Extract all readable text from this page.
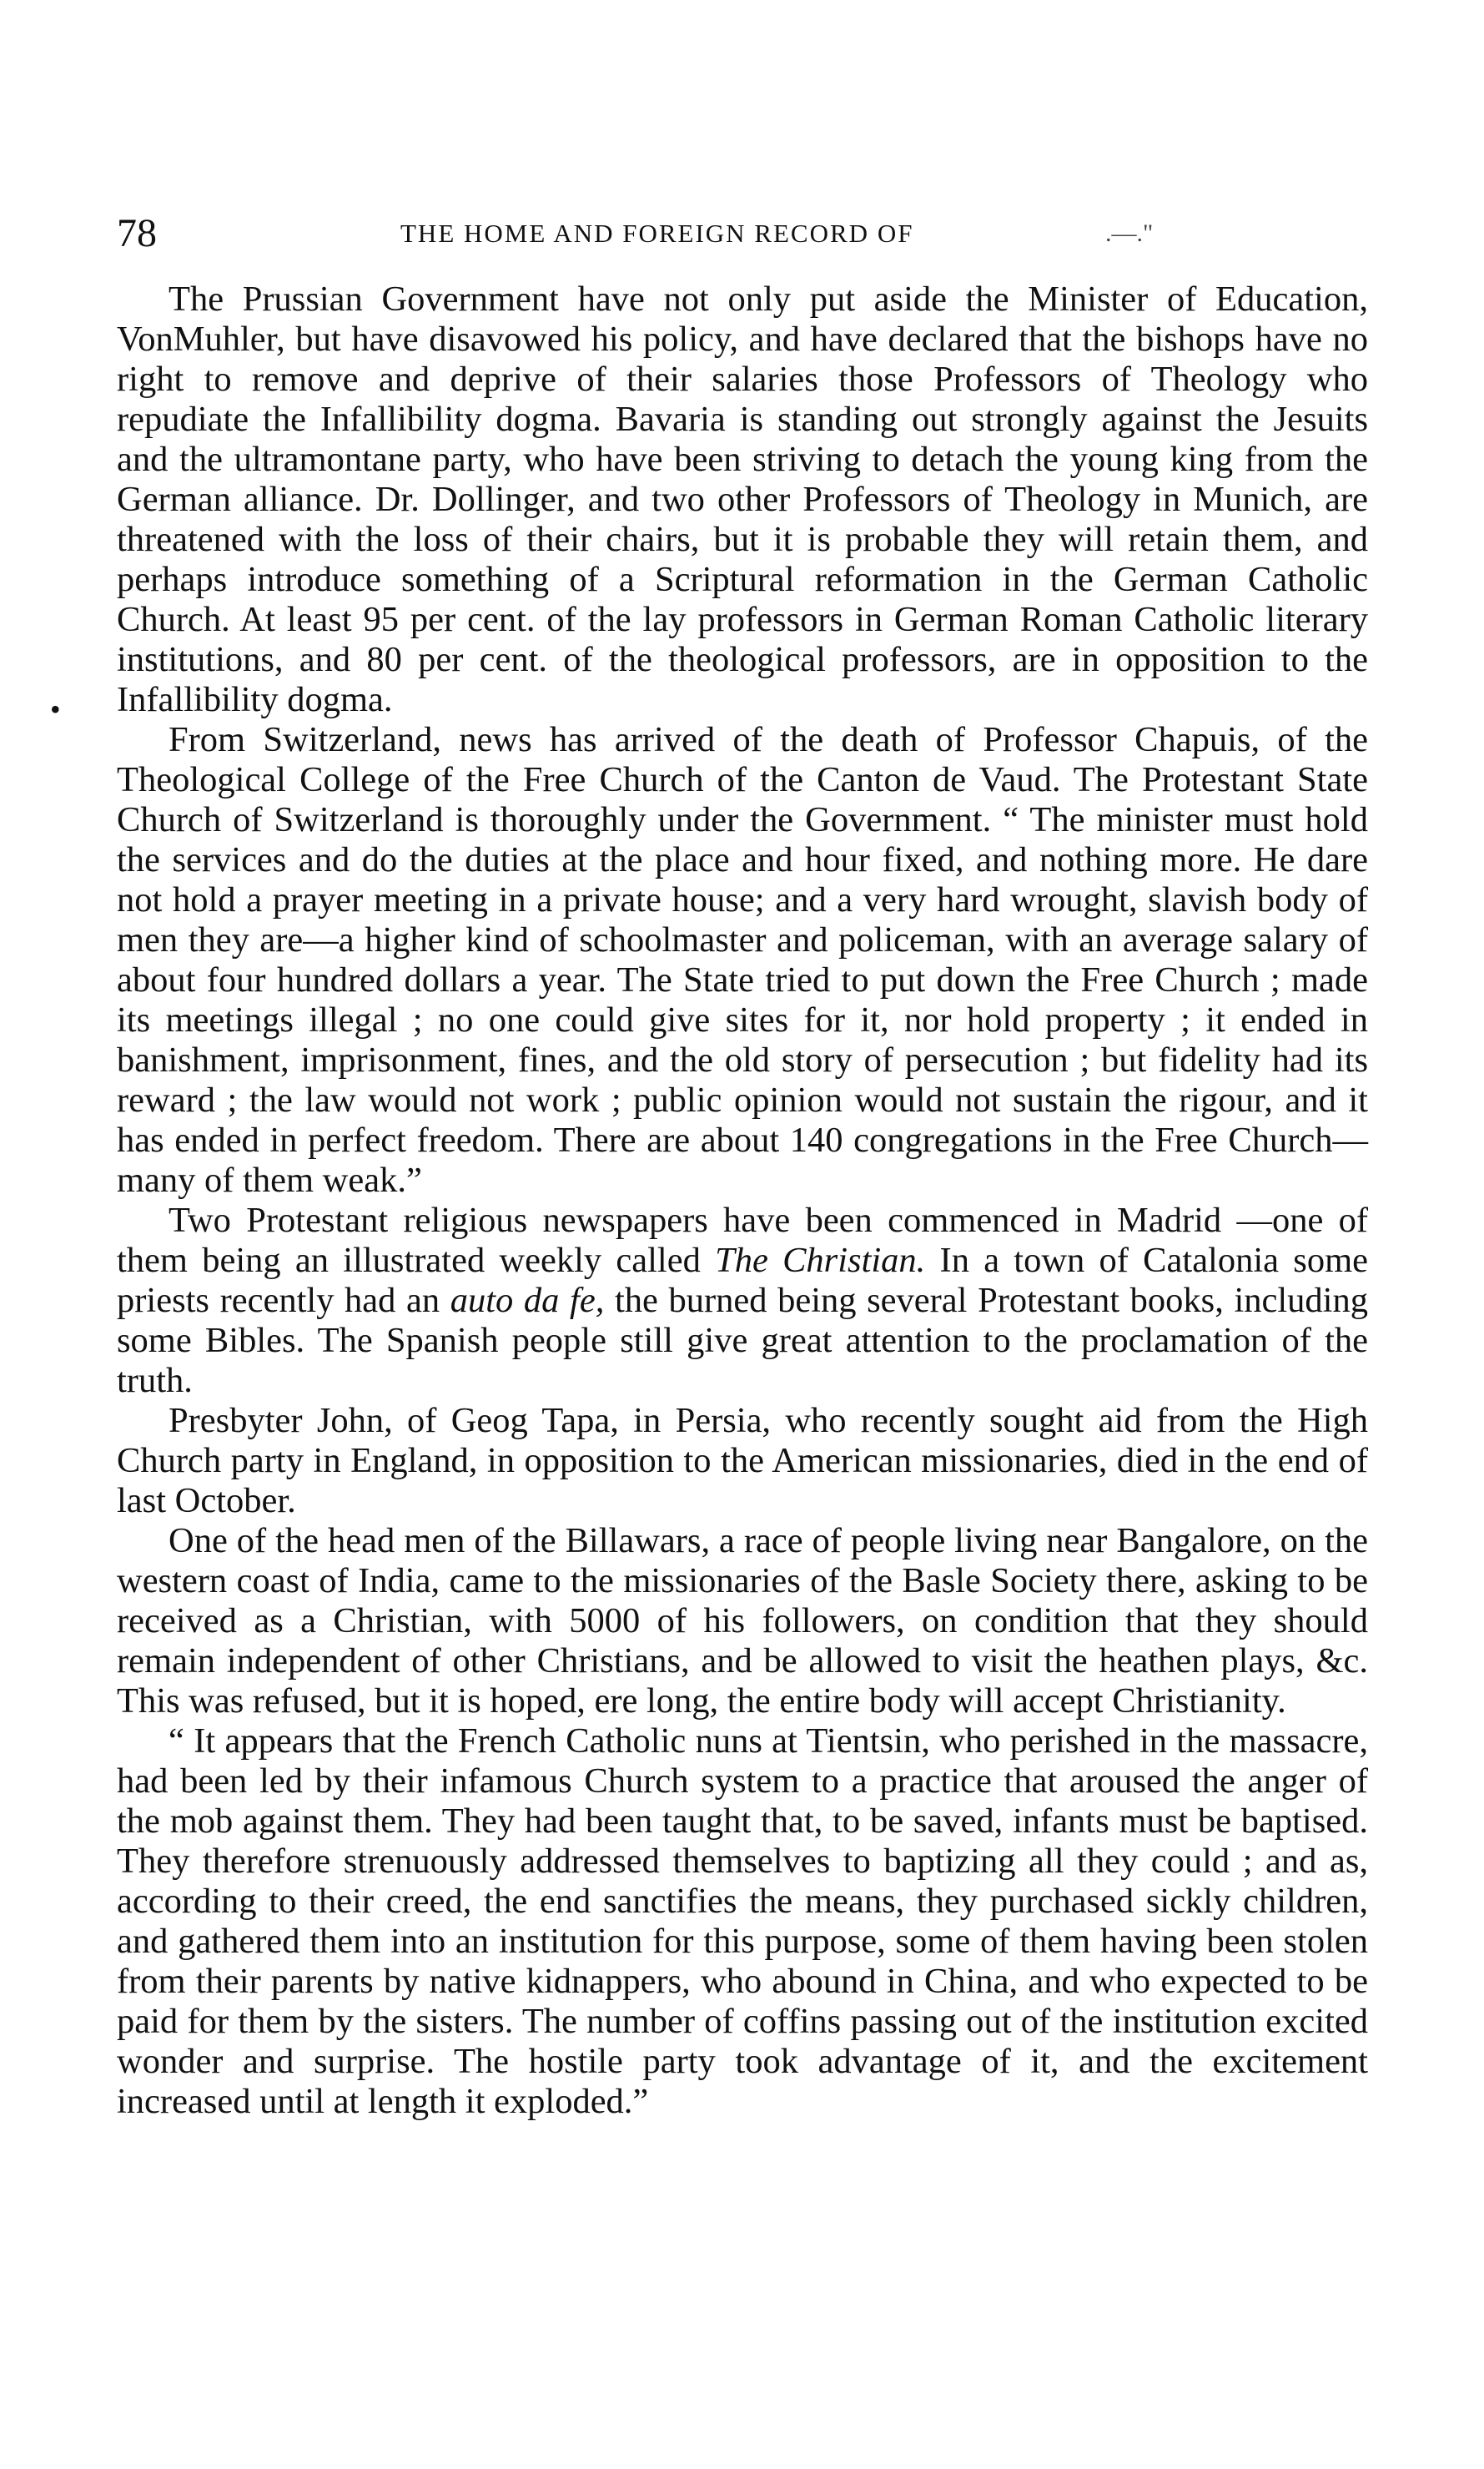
78	THE HOME AND FOREIGN RECORD OF	.—."
•

The Prussian Government have not only put aside the Minister of Education, VonMuhler, but have disavowed his policy, and have declared that the bishops have no right to remove and deprive of their salaries those Professors of Theology who repudiate the Infallibility dogma. Bavaria is standing out strongly against the Jesuits and the ultramontane party, who have been striving to detach the young king from the German alliance. Dr. Dollinger, and two other Professors of Theology in Munich, are threatened with the loss of their chairs, but it is probable they will retain them, and perhaps introduce something of a Scriptural reformation in the German Catholic Church. At least 95 per cent. of the lay professors in German Roman Catholic literary institutions, and 80 per cent. of the theological professors, are in opposition to the Infallibility dogma.

From Switzerland, news has arrived of the death of Professor Chapuis, of the Theological College of the Free Church of the Canton de Vaud. The Protestant State Church of Switzerland is thoroughly under the Government. “ The minister must hold the services and do the duties at the place and hour fixed, and nothing more. He dare not hold a prayer meeting in a private house; and a very hard wrought, slavish body of men they are—a higher kind of schoolmaster and policeman, with an average salary of about four hundred dollars a year. The State tried to put down the Free Church ; made its meetings illegal ; no one could give sites for it, nor hold property ; it ended in banishment, imprisonment, fines, and the old story of persecution ; but fidelity had its reward ; the law would not work ; public opinion would not sustain the rigour, and it has ended in perfect freedom. There are about 140 congregations in the Free Church—many of them weak.”

Two Protestant religious newspapers have been commenced in Madrid —one of them being an illustrated weekly called The Christian. In a town of Catalonia some priests recently had an auto da fe, the burned being several Protestant books, including some Bibles. The Spanish people still give great attention to the proclamation of the truth.

Presbyter John, of Geog Tapa, in Persia, who recently sought aid from the High Church party in England, in opposition to the American missionaries, died in the end of last October.

One of the head men of the Billawars, a race of people living near Bangalore, on the western coast of India, came to the missionaries of the Basle Society there, asking to be received as a Christian, with 5000 of his followers, on condition that they should remain independent of other Christians, and be allowed to visit the heathen plays, &c. This was refused, but it is hoped, ere long, the entire body will accept Christianity.

“ It appears that the French Catholic nuns at Tientsin, who perished in the massacre, had been led by their infamous Church system to a practice that aroused the anger of the mob against them. They had been taught that, to be saved, infants must be baptised. They therefore strenuously addressed themselves to baptizing all they could ; and as, according to their creed, the end sanctifies the means, they purchased sickly children, and gathered them into an institution for this purpose, some of them having been stolen from their parents by native kidnappers, who abound in China, and who expected to be paid for them by the sisters. The number of coffins passing out of the institution excited wonder and surprise. The hostile party took advantage of it, and the excitement increased until at length it exploded.”
